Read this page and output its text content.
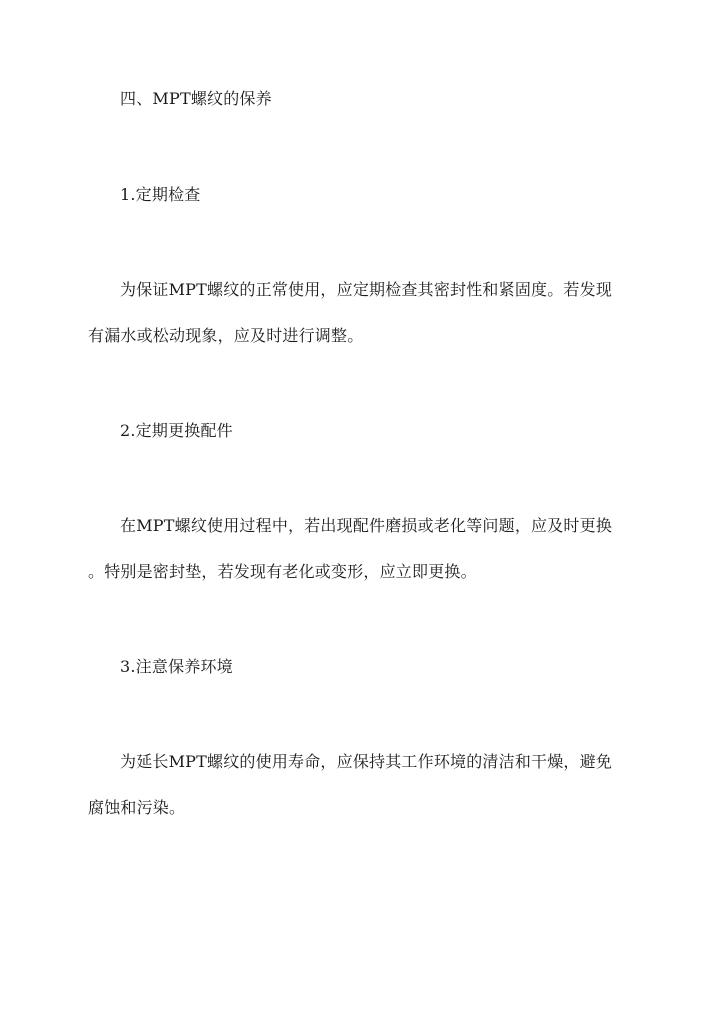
四、MPT螺纹的保养
1.定期检查
为保证MPT螺纹的正常使用，应定期检查其密封性和紧固度。若发现
有漏水或松动现象，应及时进行调整。
2.定期更换配件
在MPT螺纹使用过程中，若出现配件磨损或老化等问题，应及时更换
。特别是密封垫，若发现有老化或变形，应立即更换。
3.注意保养环境
为延长MPT螺纹的使用寿命，应保持其工作环境的清洁和干燥，避免
腐蚀和污染。
